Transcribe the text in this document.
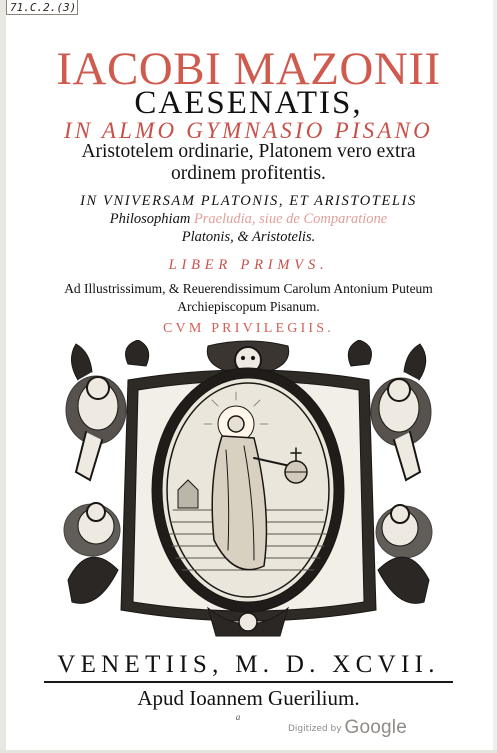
71.C.2.(3)
IACOBI MAZONII
CAESENATIS,
IN ALMO GYMNASIO PISANO
Aristotelem ordinarie, Platonem vero extra
ordinem profitentis.
IN VNIVERSAM PLATONIS, ET ARISTOTELIS
Philosophiam Praeludia, siue de Comparatione
Platonis, & Aristotelis.
LIBER PRIMVS.
Ad Illustrissimum, & Reuerendissimum Carolum Antonium Puteum
Archiepiscopum Pisanum.
CVM PRIVILEGIIS.
VENETIIS, M. D. XCVII.
Apud Ioannem Guerilium.
a
Digitized by Google
